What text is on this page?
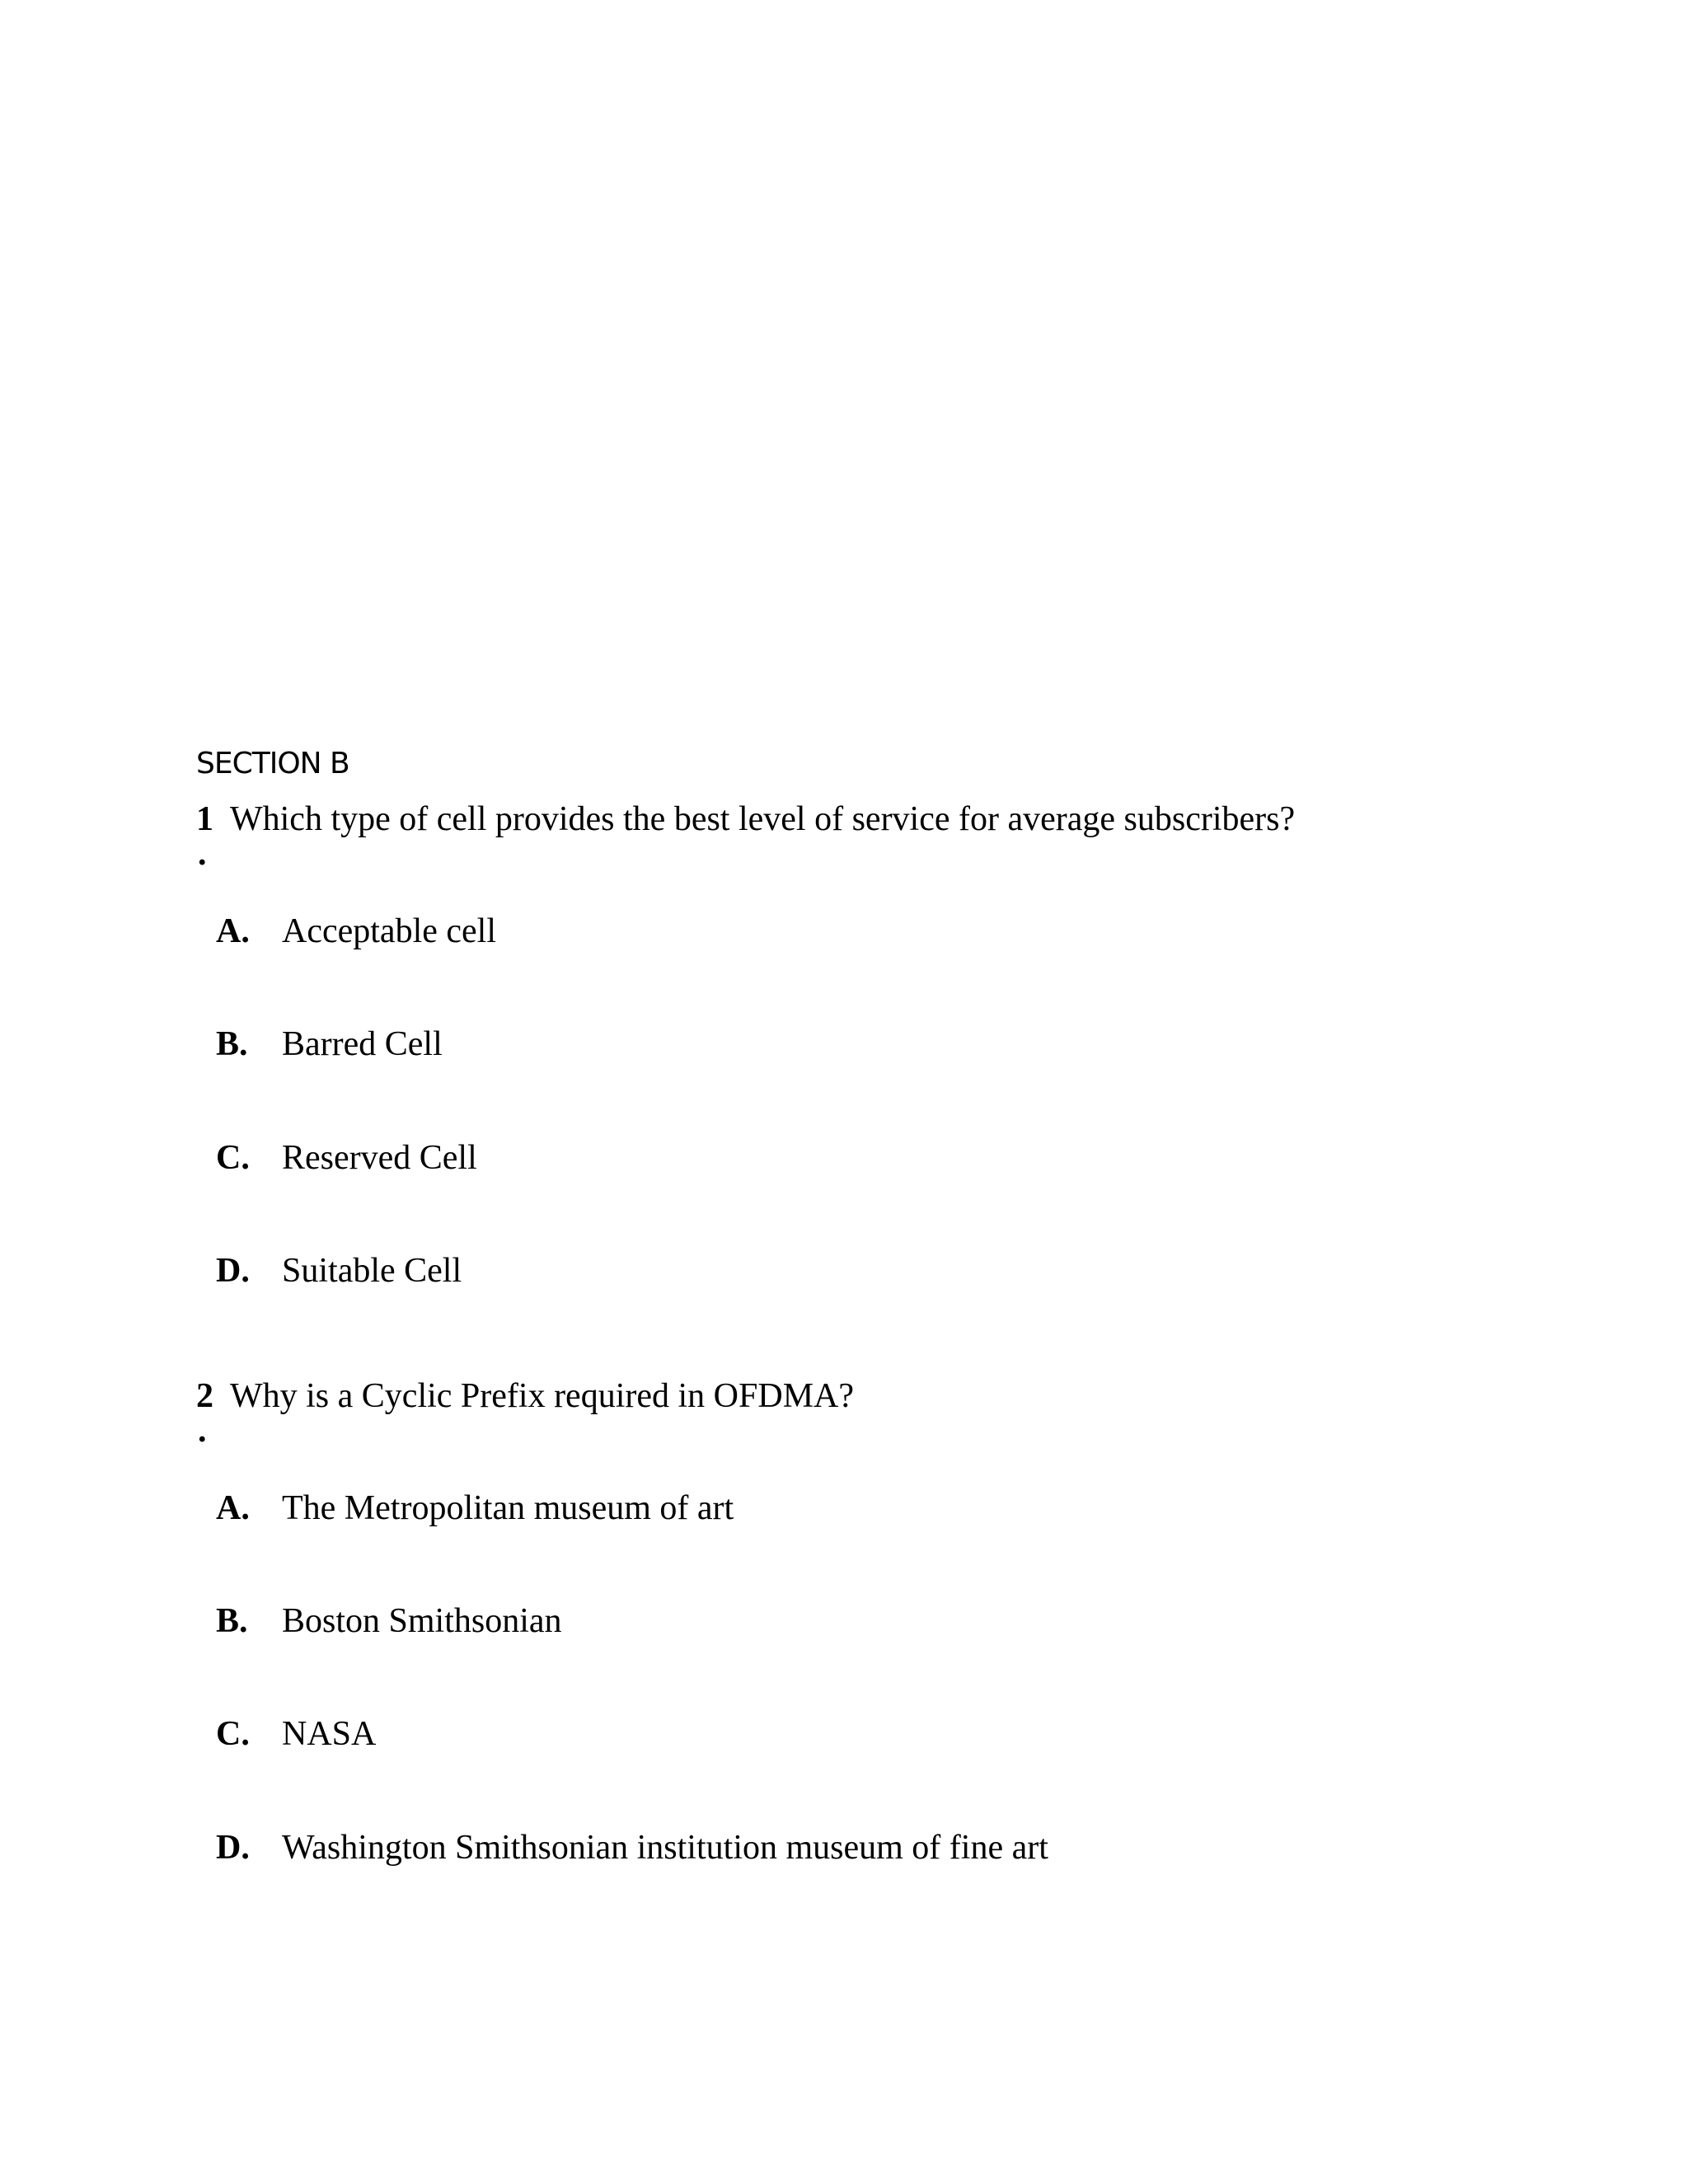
SECTION B
1
.
Which type of cell provides the best level of service for average subscribers?
A. Acceptable cell
B. Barred Cell
C. Reserved Cell
D. Suitable Cell
2
.
Why is a Cyclic Prefix required in OFDMA?
A. The Metropolitan museum of art
B. Boston Smithsonian
C. NASA
D. Washington Smithsonian institution museum of fine art
